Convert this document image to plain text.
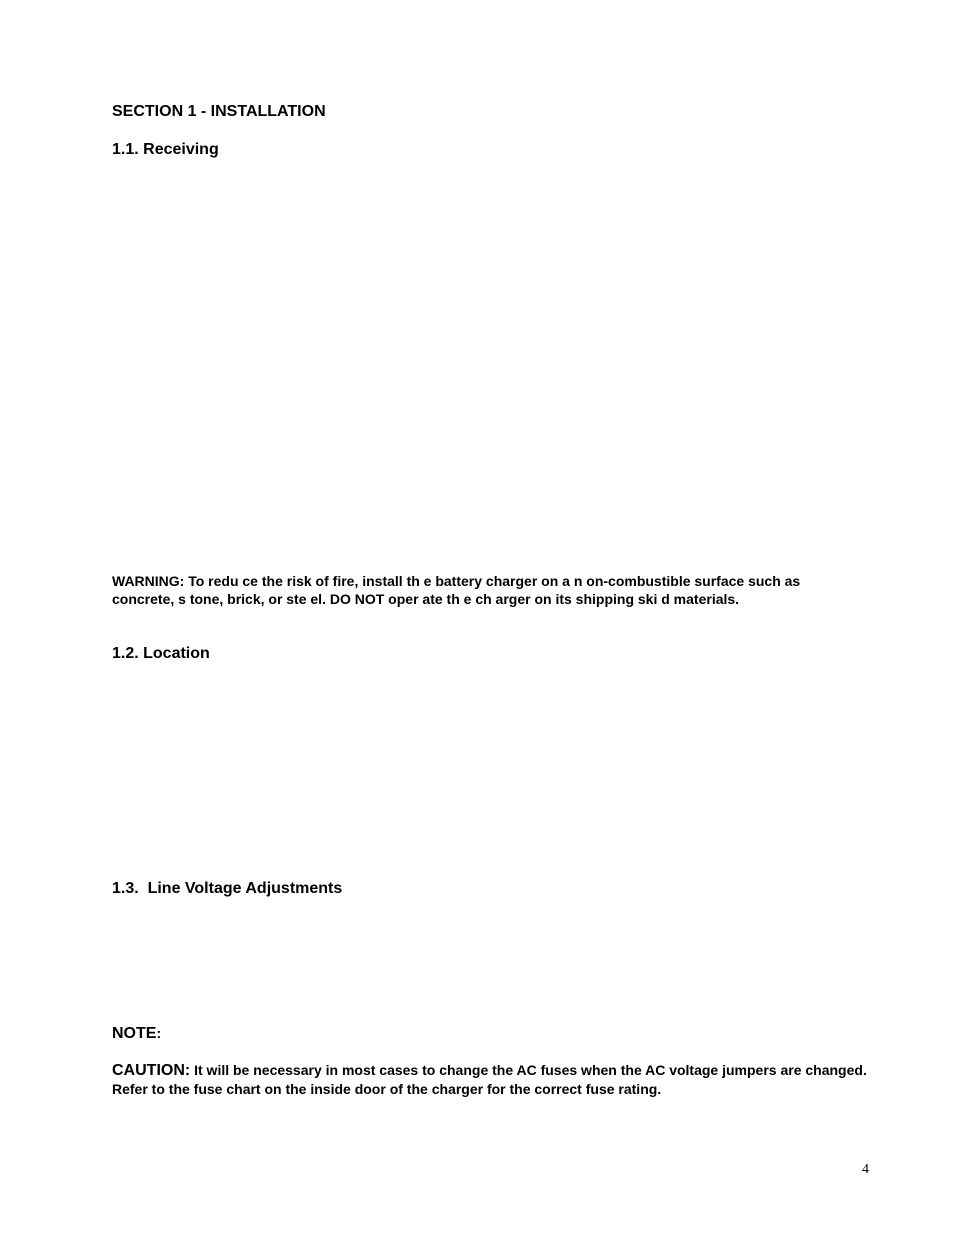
SECTION 1 - INSTALLATION
1.1. Receiving
WARNING: To redu ce the risk of fire, install th e battery charger on a n on-combustible surface such as concrete, s tone, brick, or ste el. DO NOT oper ate th e ch arger on its shipping ski d materials.
1.2. Location
1.3.  Line Voltage Adjustments
NOTE:
CAUTION: It will be necessary in most cases to change the AC fuses when the AC voltage jumpers are changed. Refer to the fuse chart on the inside door of the charger for the correct fuse rating.
4
